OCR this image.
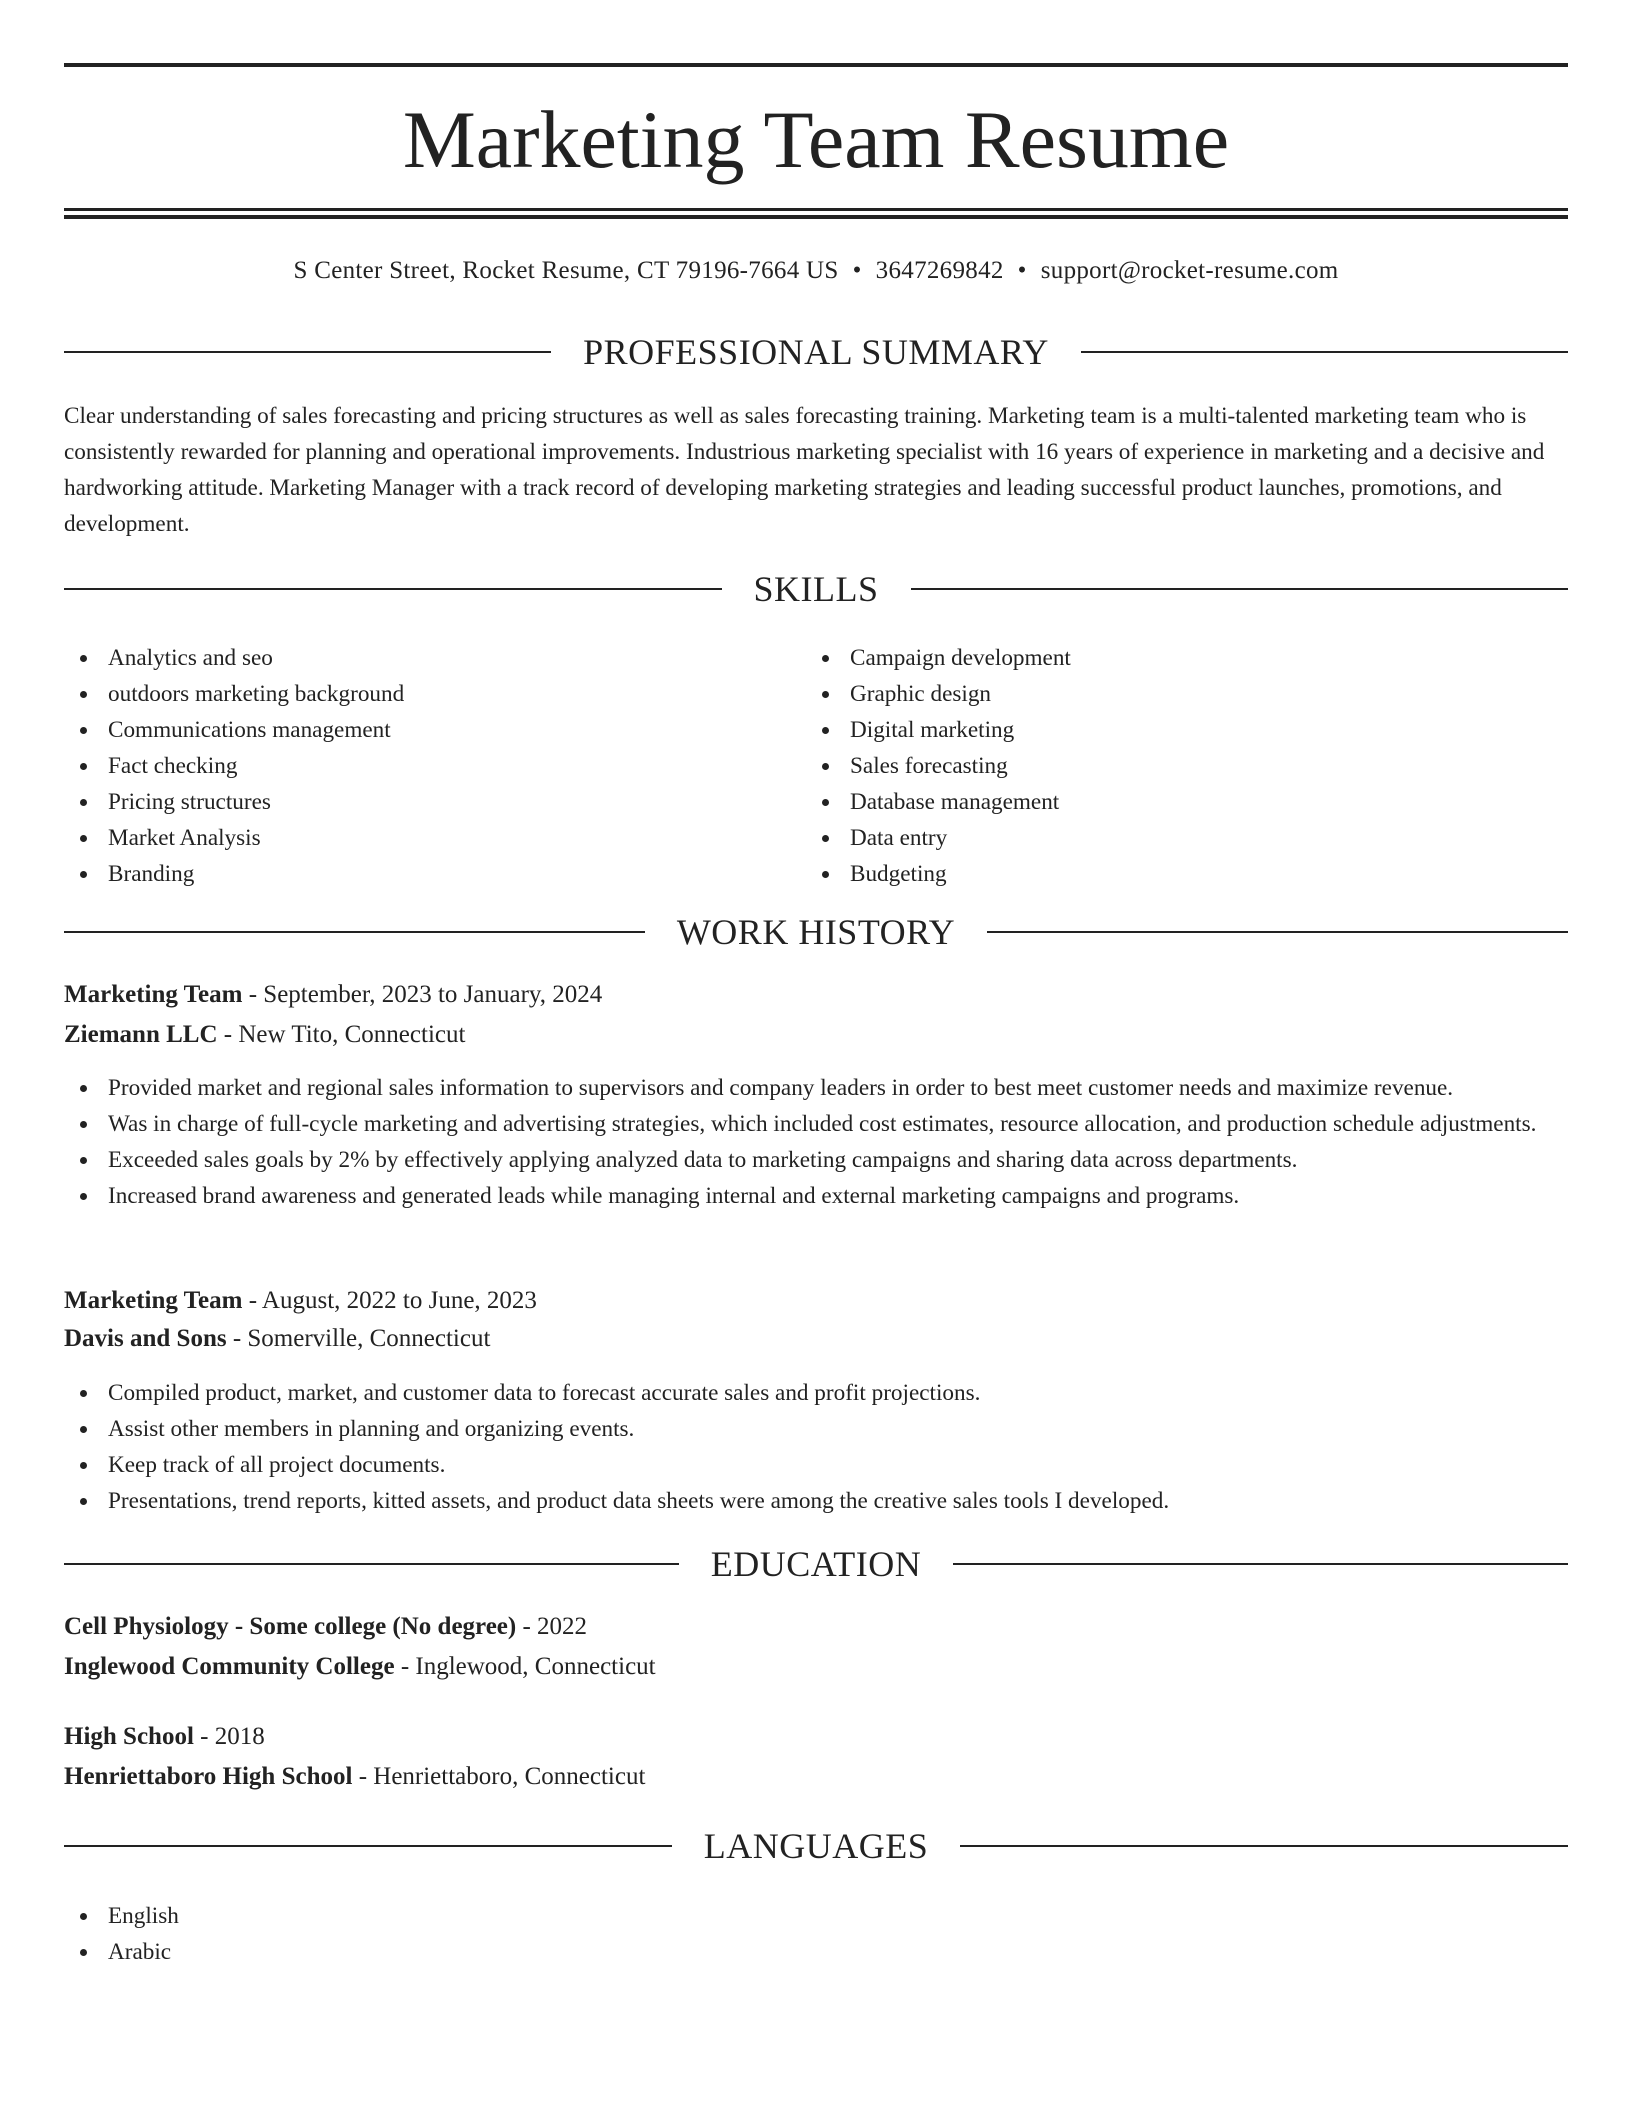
Marketing Team Resume
S Center Street, Rocket Resume, CT 79196-7664 US • 3647269842 • support@rocket-resume.com
PROFESSIONAL SUMMARY

Clear understanding of sales forecasting and pricing structures as well as sales forecasting training. Marketing team is a multi-talented marketing team who is consistently rewarded for planning and operational improvements. Industrious marketing specialist with 16 years of experience in marketing and a decisive and hardworking attitude. Marketing Manager with a track record of developing marketing strategies and leading successful product launches, promotions, and development.

SKILLS
Analytics and seo
outdoors marketing background
Communications management
Fact checking
Pricing structures
Market Analysis
Branding
Campaign development
Graphic design
Digital marketing
Sales forecasting
Database management
Data entry
Budgeting
WORK HISTORY
Marketing Team - September, 2023 to January, 2024
Ziemann LLC - New Tito, Connecticut
Provided market and regional sales information to supervisors and company leaders in order to best meet customer needs and maximize revenue.
Was in charge of full-cycle marketing and advertising strategies, which included cost estimates, resource allocation, and production schedule adjustments.
Exceeded sales goals by 2% by effectively applying analyzed data to marketing campaigns and sharing data across departments.
Increased brand awareness and generated leads while managing internal and external marketing campaigns and programs.
Marketing Team - August, 2022 to June, 2023
Davis and Sons - Somerville, Connecticut
Compiled product, market, and customer data to forecast accurate sales and profit projections.
Assist other members in planning and organizing events.
Keep track of all project documents.
Presentations, trend reports, kitted assets, and product data sheets were among the creative sales tools I developed.
EDUCATION
Cell Physiology - Some college (No degree) - 2022
Inglewood Community College - Inglewood, Connecticut
High School - 2018
Henriettaboro High School - Henriettaboro, Connecticut
LANGUAGES
English
Arabic
